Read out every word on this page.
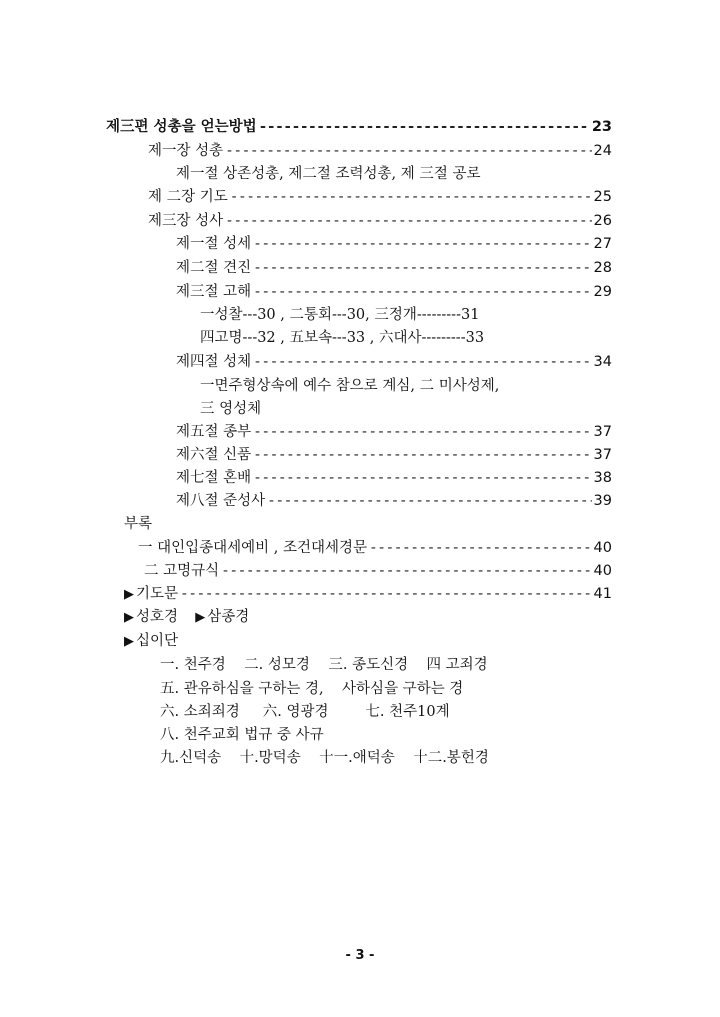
제三편 성총을 얻는방법 -----	23
제一장 성총 -----	24
제一절 상존성총, 제二절 조력성총, 제 三절 공로
제 二장 기도 -----	25
제三장 성사 -----	26
제一절 성세 -----	27
제二절 견진 -----	28
제三절 고해 -----	29
一성찰---30 , 二통회---30, 三정개---------31
四고명---32 , 五보속---33 , 六대사---------33
제四절 성체 -----	34
一면주형상속에 예수 참으로 계심, 二 미사성제,
三 영성체
제五절 종부 -----	37
제六절 신품 -----	37
제七절 혼배 -----	38
제八절 준성사 -----	39
부록
一 대인입종대세예비 , 조건대세경문 -----	40
二 고명규식 -----	40
▶ 기도문 -----	41
▶ 성호경 ▶ 삼종경
▶ 십이단
一. 천주경    二. 성모경    三. 종도신경    四 고죄경
五. 관유하심을 구하는 경,    사하심을 구하는 경
六. 소죄죄경     六. 영광경        七. 천주10계
八. 천주교회 법규 중 사규
九.신덕송    十.망덕송    十一.애덕송    十二.봉헌경
- 3 -
